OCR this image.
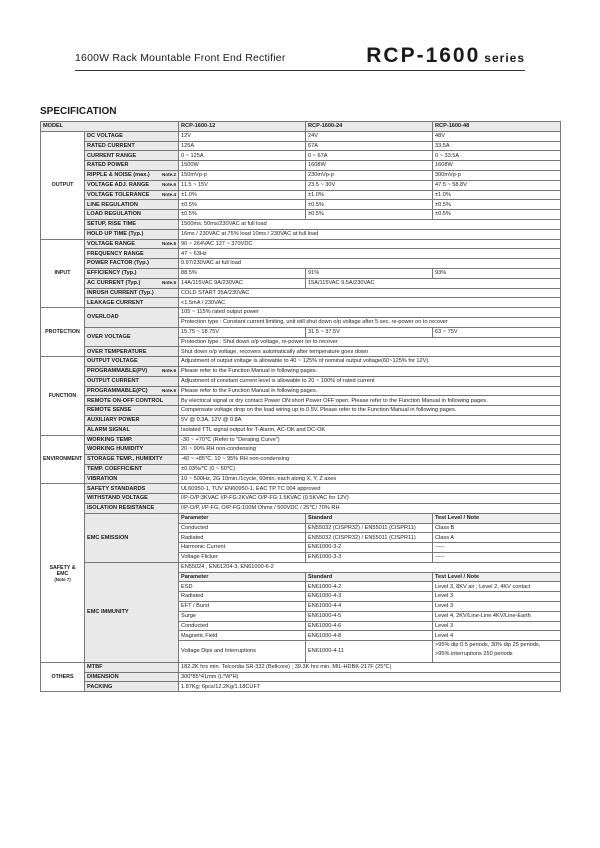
1600W Rack Mountable Front End Rectifier	RCP-1600 series
SPECIFICATION
MODEL		RCP-1600-12	RCP-1600-24	RCP-1600-48
OUTPUT	DC VOLTAGE	12V	24V	48V
	RATED CURRENT	125A	67A	33.5A
	CURRENT RANGE	0 ~ 125A	0 ~ 67A	0 ~ 33.5A
	RATED POWER	1500W	1608W	1608W
	RIPPLE & NOISE (max.) Note.2	150mVp-p	230mVp-p	300mVp-p
	VOLTAGE ADJ. RANGE Note.6	11.5 ~ 15V	23.5 ~ 30V	47.5 ~ 58.8V
	VOLTAGE TOLERANCE Note.4	±1.0%	±1.0%	±1.0%
	LINE REGULATION	±0.5%	±0.5%	±0.5%
	LOAD REGULATION	±0.5%	±0.5%	±0.5%
	SETUP, RISE TIME	1500ms, 50ms/230VAC at full load		
	HOLD UP TIME (Typ.)	16ms / 230VAC at 75% load 10ms / 230VAC at full load		
INPUT	VOLTAGE RANGE Note.5	90 ~ 264VAC 127 ~ 370VDC		
	FREQUENCY RANGE	47 ~ 63Hz		
	POWER FACTOR (Typ.)	0.97/230VAC at full load		
	EFFICIENCY (Typ.)	88.5%	91%	93%
	AC CURRENT (Typ.) Note.5	14A/115VAC 9A/230VAC	15A/115VAC 9.5A/230VAC	
	INRUSH CURRENT (Typ.)	COLD START 35A/230VAC		
	LEAKAGE CURRENT	<1.5mA / 230VAC		
PROTECTION	OVERLOAD	105 ~ 115% rated output power		
		Protection type : Constant current limiting, unit will shut down o/p voltage after 5 sec. re-power on to recover		
	OVER VOLTAGE	15.75 ~ 18.75V	31.5 ~ 37.5V	63 ~ 75V
		Protection type : Shut down o/p voltage, re-power on to recover		
	OVER TEMPERATURE	Shut down o/p voltage, recovers automatically after temperature goes down		
FUNCTION	OUTPUT VOLTAGE	Adjustment of output voltage is allowable to 40 ~ 125% of nominal output voltage(60~125% for 12V).		
	PROGRAMMABLE(PV) Note.6	Please refer to the Function Manual in following pages.		
	OUTPUT CURRENT	Adjustment of constant current level is allowable to 20 ~ 100% of rated current		
	PROGRAMMABLE(PC) Note.6	Please refer to the Function Manual in following pages.		
	REMOTE ON-OFF CONTROL	By electrical signal or dry contact Power ON:short Power OFF:open. Please refer to the Function Manual in following pages.		
	REMOTE SENSE	Compensate voltage drop on the load wiring up to 0.5V. Please refer to the Function Manual in following pages.		
	AUXILIARY POWER	5V @ 0.3A, 12V @ 0.8A		
	ALARM SIGNAL	Isolated TTL signal output for T-Alarm, AC-OK and DC-OK		
ENVIRONMENT	WORKING TEMP.	-30 ~ +70℃ (Refer to "Derating Curve")		
	WORKING HUMIDITY	20 ~ 90% RH non-condensing		
	STORAGE TEMP., HUMIDITY	-40 ~ +85℃, 10 ~ 95% RH non-condensing		
	TEMP. COEFFICIENT	±0.03%/℃ (0 ~ 50℃)		
	VIBRATION	10 ~ 500Hz, 2G 10min./1cycle, 60min. each along X, Y, Z axes		
SAFETY &
EMC
(Note 7)	SAFETY STANDARDS	UL60950-1, TUV EN60950-1, EAC TP TC 004 approved		
	WITHSTAND VOLTAGE	I/P-O/P:3KVAC I/P-FG:2KVAC O/P-FG:1.5KVAC (0.5KVAC for 12V)		
	ISOLATION RESISTANCE	I/P-O/P, I/P-FG, O/P-FG:100M Ohms / 500VDC / 25℃/ 70% RH		
	EMC EMISSION	Parameter	Standard	Test Level / Note
		Conducted	EN55032 (CISPR32) / EN55011 (CISPR11)	Class B
		Radiated	EN55032 (CISPR32) / EN55011 (CISPR11)	Class A
		Harmonic Current	EN61000-3-2	-----
		Voltage Flicker	EN61000-3-3	-----
	EMC IMMUNITY	EN55024 , EN61204-3, EN61000-6-2		
		Parameter	Standard	Test Level / Note
		ESD	EN61000-4-2	Level 3, 8KV air ; Level 2, 4KV contact
		Radiated	EN61000-4-3	Level 3
		EFT / Burst	EN61000-4-4	Level 3
		Surge	EN61000-4-5	Level 4, 2KV/Line-Line 4KV/Line-Earth
		Conducted	EN61000-4-6	Level 3
		Magnetic Field	EN61000-4-8	Level 4
		Voltage Dips and Interruptions	EN61000-4-11	>95% dip 0.5 periods, 30% dip 25 periods,
				>95% interruptions 250 periods

OTHERS	MTBF	182.2K hrs min. Telcordia SR-332 (Bellcore) ; 39.3K hrs min. MIL-HDBK-217F (25℃)		
	DIMENSION	300*85*41mm (L*W*H)		
	PACKING	1.87Kg; 6pcs/12.2Kg/1.18CUFT		
